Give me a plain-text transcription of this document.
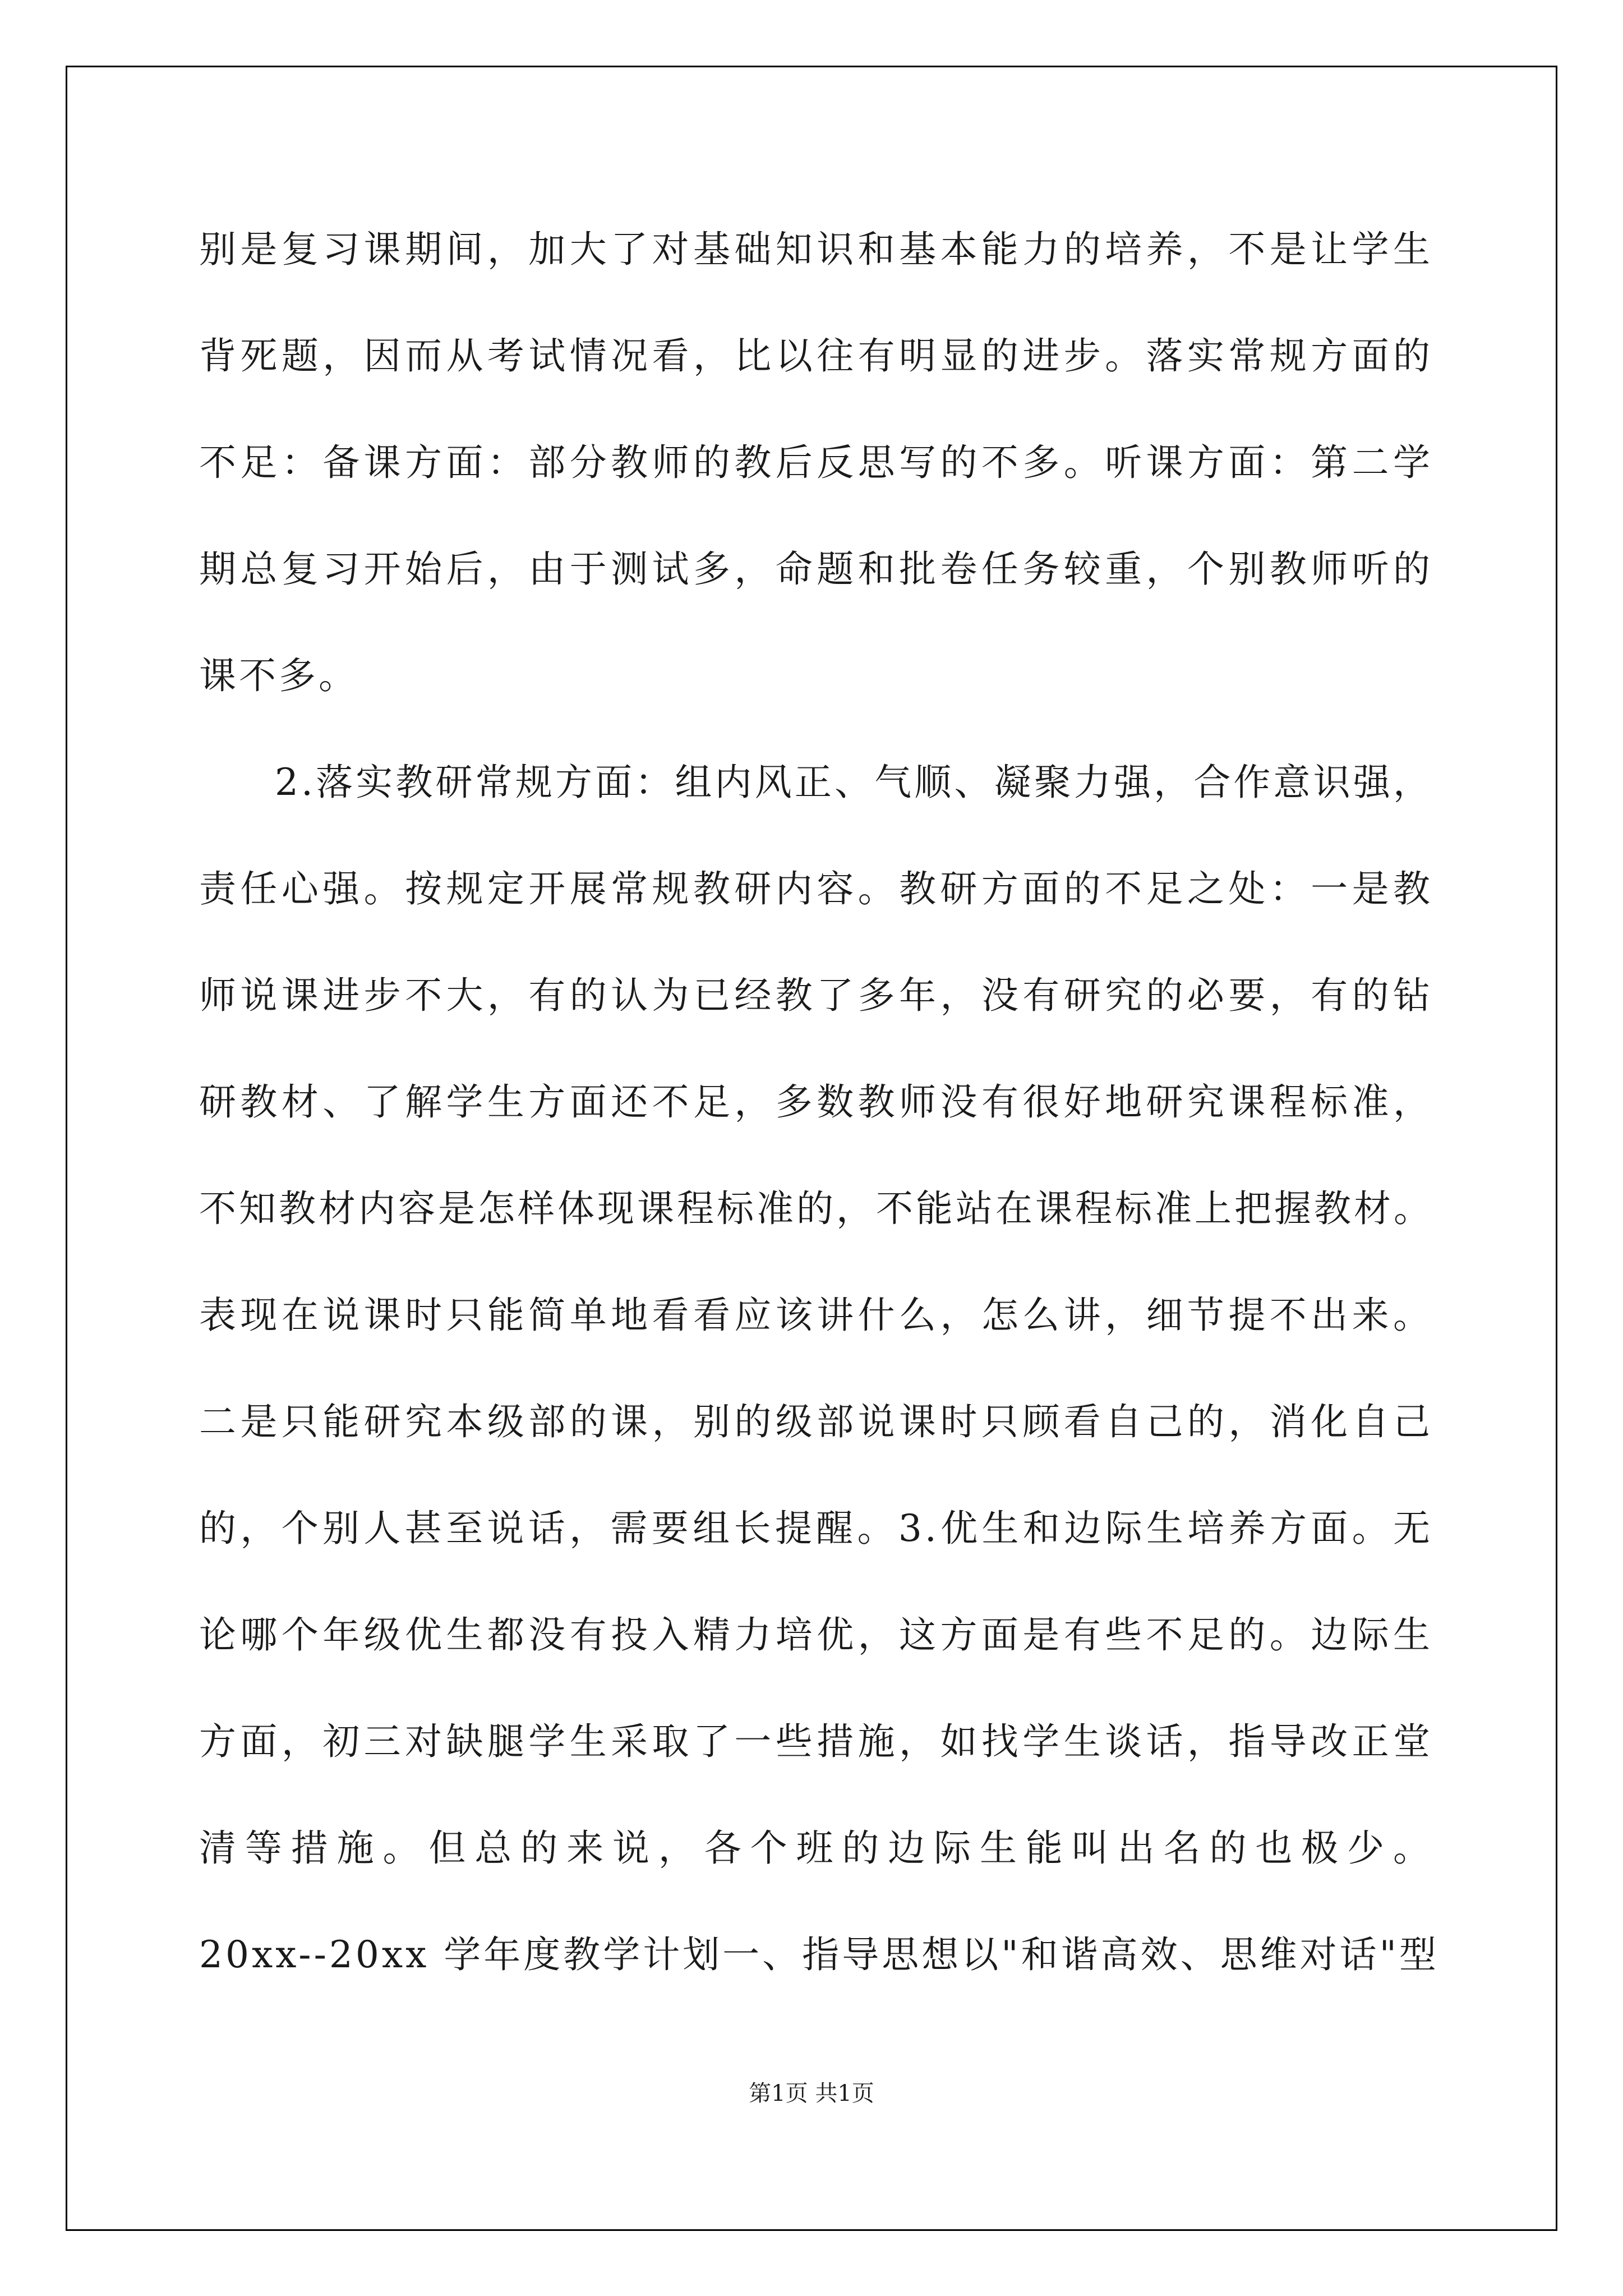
别是复习课期间，加大了对基础知识和基本能力的培养，不是让学生
背死题，因而从考试情况看，比以往有明显的进步。落实常规方面的
不足：备课方面：部分教师的教后反思写的不多。听课方面：第二学
期总复习开始后，由于测试多，命题和批卷任务较重，个别教师听的
课不多。
2.落实教研常规方面：组内风正、气顺、凝聚力强，合作意识强，
责任心强。按规定开展常规教研内容。教研方面的不足之处：一是教
师说课进步不大，有的认为已经教了多年，没有研究的必要，有的钻
研教材、了解学生方面还不足，多数教师没有很好地研究课程标准，
不知教材内容是怎样体现课程标准的，不能站在课程标准上把握教材。
表现在说课时只能简单地看看应该讲什么，怎么讲，细节提不出来。
二是只能研究本级部的课，别的级部说课时只顾看自己的，消化自己
的，个别人甚至说话，需要组长提醒。3.优生和边际生培养方面。无
论哪个年级优生都没有投入精力培优，这方面是有些不足的。边际生
方面，初三对缺腿学生采取了一些措施，如找学生谈话，指导改正堂
清等措施。但总的来说，各个班的边际生能叫出名的也极少。
20xx--20xx 学年度教学计划一、指导思想以"和谐高效、思维对话"型
第1页 共1页
